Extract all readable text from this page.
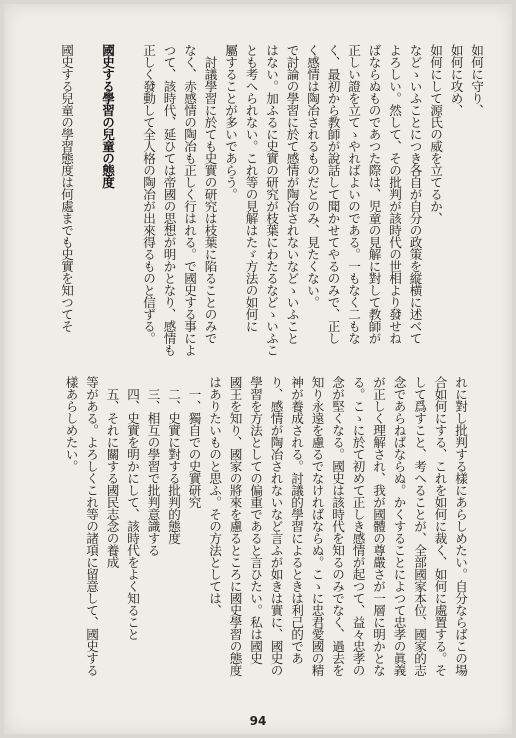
如何に守り、
如何に攻め、
如何にして源氏の威を立てるか、
などゝいふことにつき各自が自分の政策を縦横に述べて
よろしい。然して、その批判が該時代の世相より發せね
ばならぬものであつた際は、児童の見解に對して教師が
正しい證を立てゝやればよいのである。一もなく二もな
く、最初から教師が說話して聞かせてやるのみで、正し
く感情は陶冶されるものだとのみ、見たくない。
で討論の學習に於て感情が陶冶されないなどゝいふこと
はない。加ふるに史實の研究が枝葉にわたるなどゝいふこ
とも考へられない。これ等の見解はたゞ方法の如何に
屬することが多いであらう。
　討議學習に於ても史實の研究は枝葉に陷ることのみで
なく、赤感情の陶冶も正しく行はれる。で國史する事によ
つて、該時代、延ひては帝國の思想が明かとなり、感情も
正しく發動して全人格の陶冶が出來得るものと信ずる。

國史する學習の兒童の態度

國史する兒童の學習態度は何處までも史實を知つてそ
れに對し批判する樣にあらしめたい。自分ならばこの場
合如何にする、これを如何に裁く、如何に處置する。そ
して爲すこと、考へることが、全部國家本位、國家的志
念であらねばならぬ。かくすることによつて忠孝の眞義
が正しく理解され、我が國體の尊嚴さが一層に明かとな
る。こゝに於て初めて正しき感情が起つて、益々忠孝の
念が堅くなる。國史は該時代を知るのみでなく、過去を
知り永遠を慮るでなければならぬ。こゝに忠君愛國の精
神が養成される。討議的學習によるときは利己的であ
り、感情が陶冶されないなど言ふが如きは實に、國史の
學習を方法としての偏重であると言ひたい。私は國史
國王を知り、國家の將來を慮るところに國史學習の態度
はありたいものと思ふ。その方法としては、
一、獨自での史實研究
二、史實に對する批判的態度
三、相互の學習で批判意識する
四、史實を明かにして、該時代をよく知ること
五、それに關する國民志念の養成
等がある。よろしくこれ等の諸項に留意して、國史する
樣あらしめたい。
94
